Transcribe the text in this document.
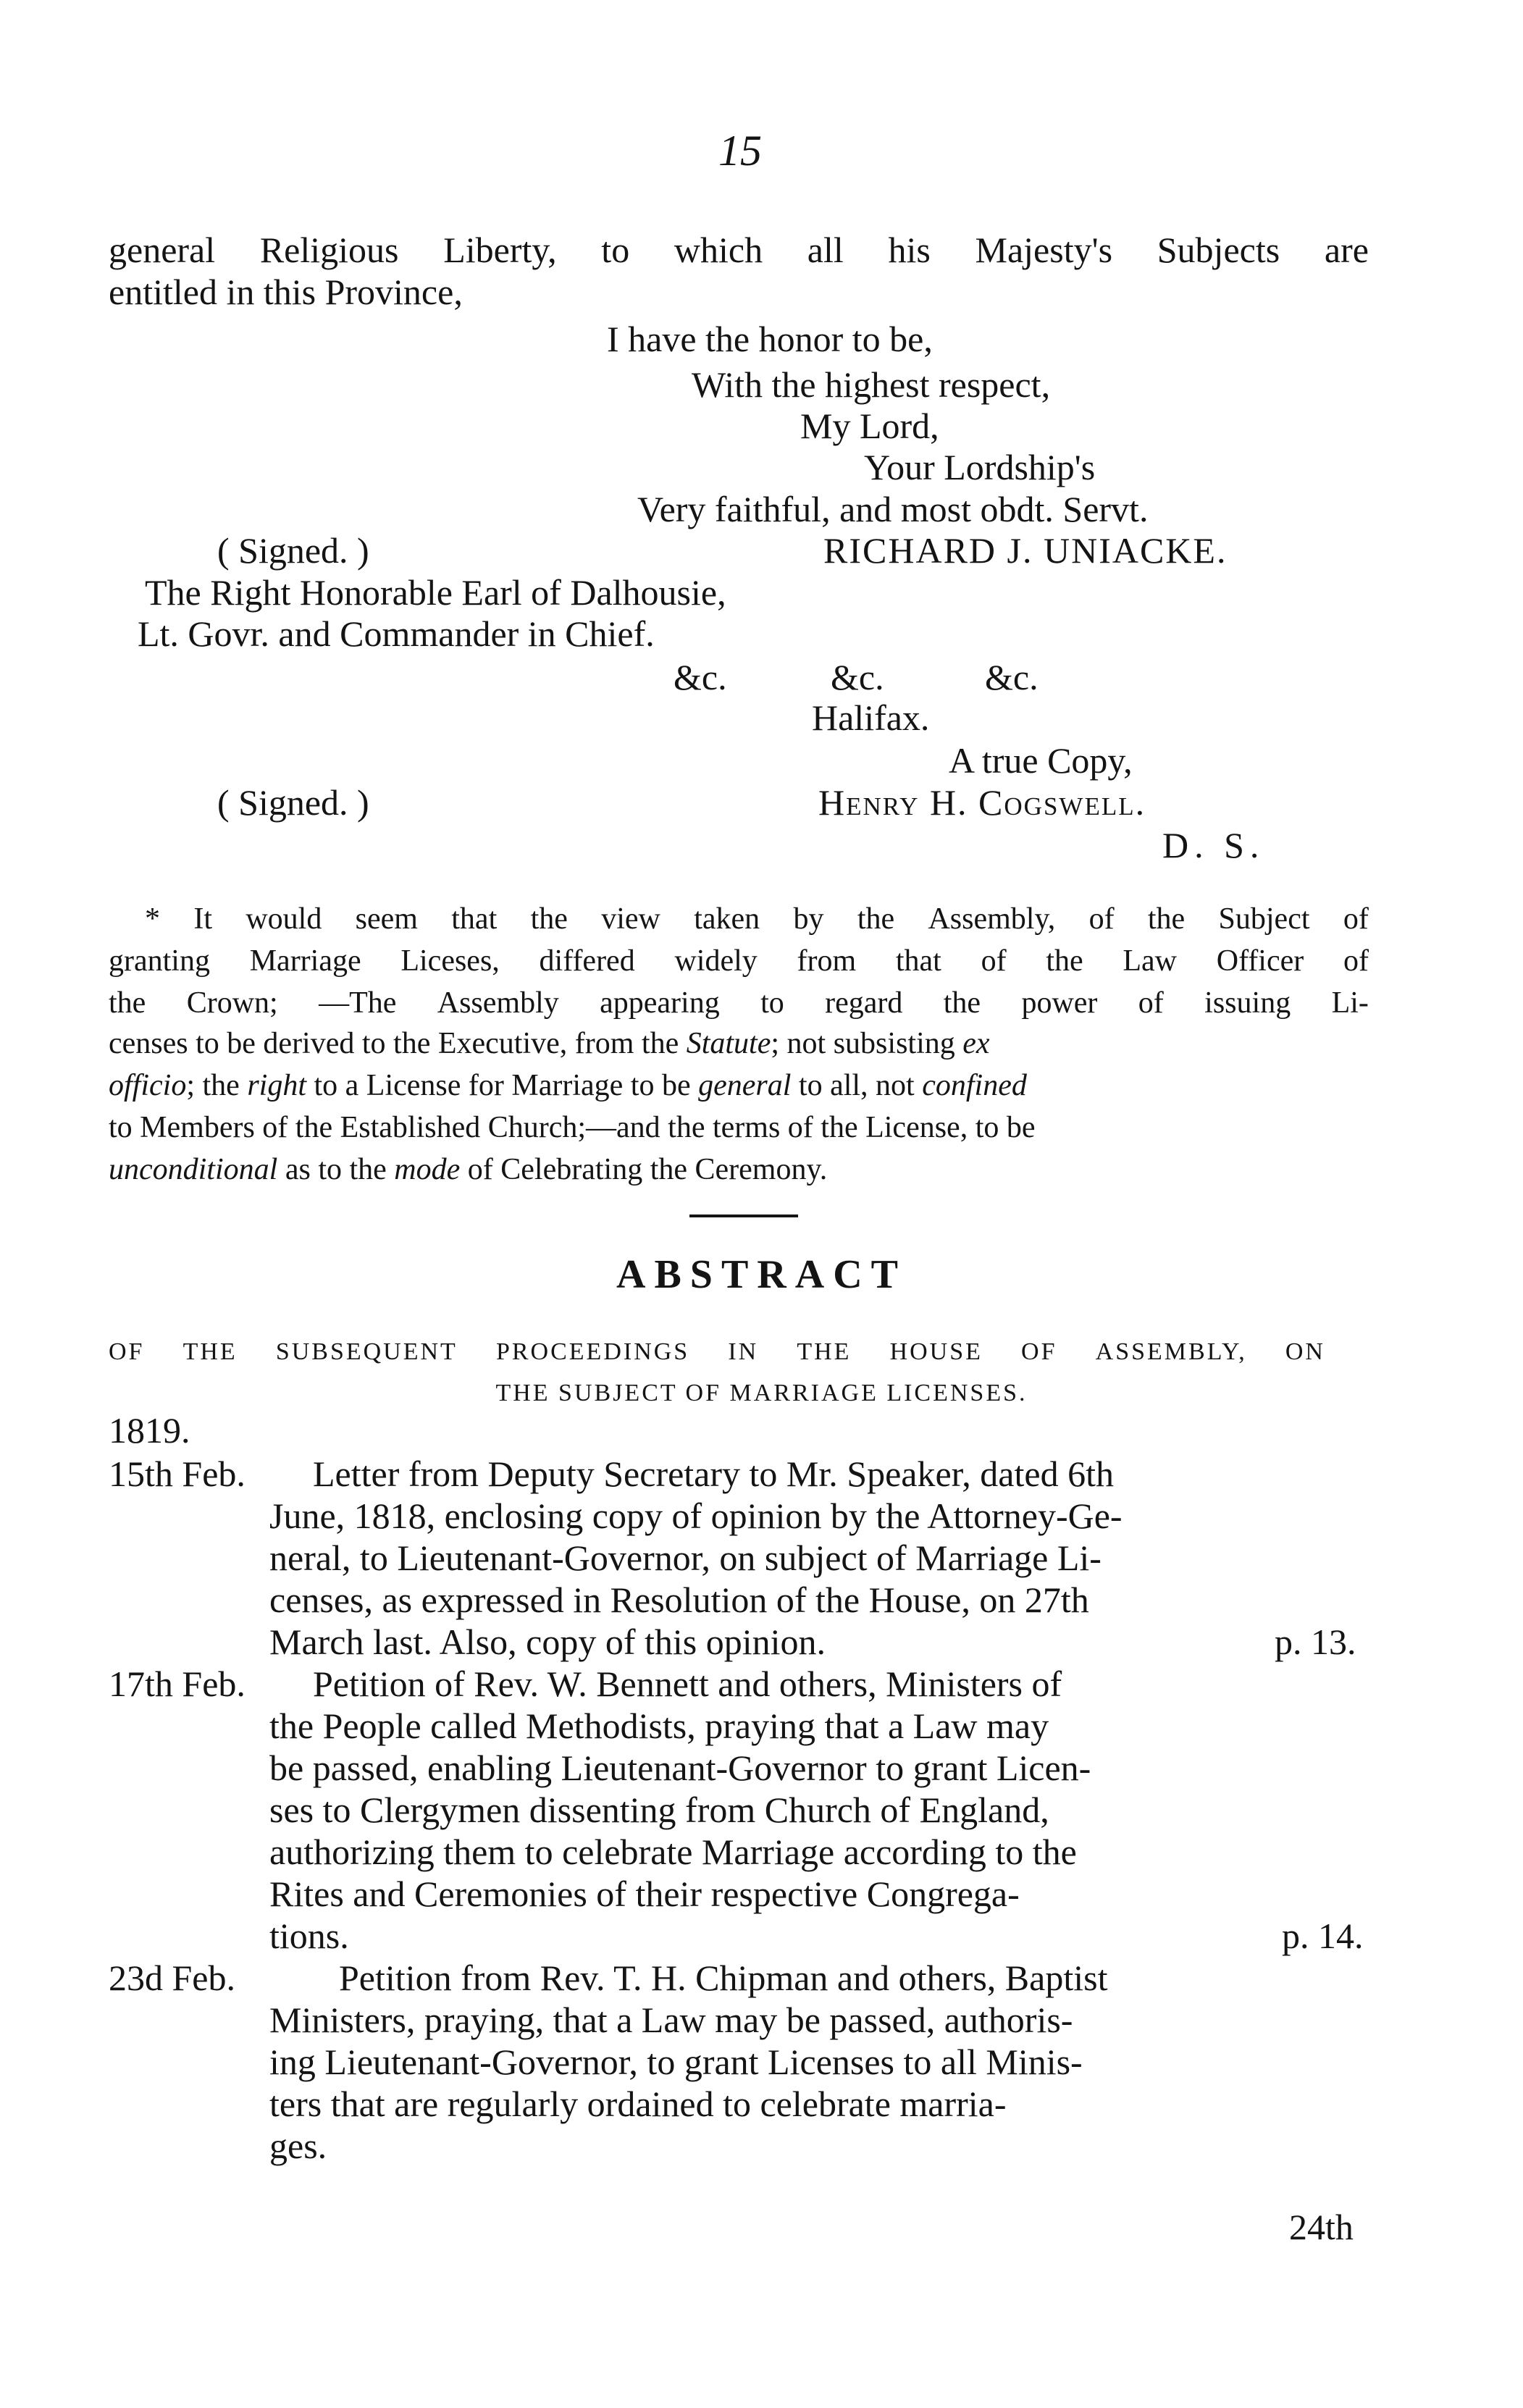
15
general Religious Liberty, to which all his Majesty's Subjects are
entitled in this Province,
I have the honor to be,
With the highest respect,
My Lord,
Your Lordship's
Very faithful, and most obdt. Servt.
( Signed. )	RICHARD J. UNIACKE.
The Right Honorable Earl of Dalhousie,
Lt. Govr. and Commander in Chief.
&c.	&c.	&c.
Halifax.
A true Copy,
( Signed. )	Henry H. Cogswell.
D. S.
* It would seem that the view taken by the Assembly, of the Subject of
granting Marriage Liceses, differed widely from that of the Law Officer of
the Crown; —The Assembly appearing to regard the power of issuing Li-
censes to be derived to the Executive, from the Statute; not subsisting ex
officio; the right to a License for Marriage to be general to all, not confined
to Members of the Established Church;—and the terms of the License, to be
unconditional as to the mode of Celebrating the Ceremony.
ABSTRACT
OF THE SUBSEQUENT PROCEEDINGS IN THE HOUSE OF ASSEMBLY, ON
THE SUBJECT OF MARRIAGE LICENSES.
1819.
15th Feb. Letter from Deputy Secretary to Mr. Speaker, dated 6th
June, 1818, enclosing copy of opinion by the Attorney-Ge-
neral, to Lieutenant-Governor, on subject of Marriage Li-
censes, as expressed in Resolution of the House, on 27th
March last. Also, copy of this opinion.	p. 13.
17th Feb. Petition of Rev. W. Bennett and others, Ministers of
the People called Methodists, praying that a Law may
be passed, enabling Lieutenant-Governor to grant Licen-
ses to Clergymen dissenting from Church of England,
authorizing them to celebrate Marriage according to the
Rites and Ceremonies of their respective Congrega-
tions.	p. 14.
23d Feb.	Petition from Rev. T. H. Chipman and others, Baptist
Ministers, praying, that a Law may be passed, authoris-
ing Lieutenant-Governor, to grant Licenses to all Minis-
ters that are regularly ordained to celebrate marria-
ges.
24th
